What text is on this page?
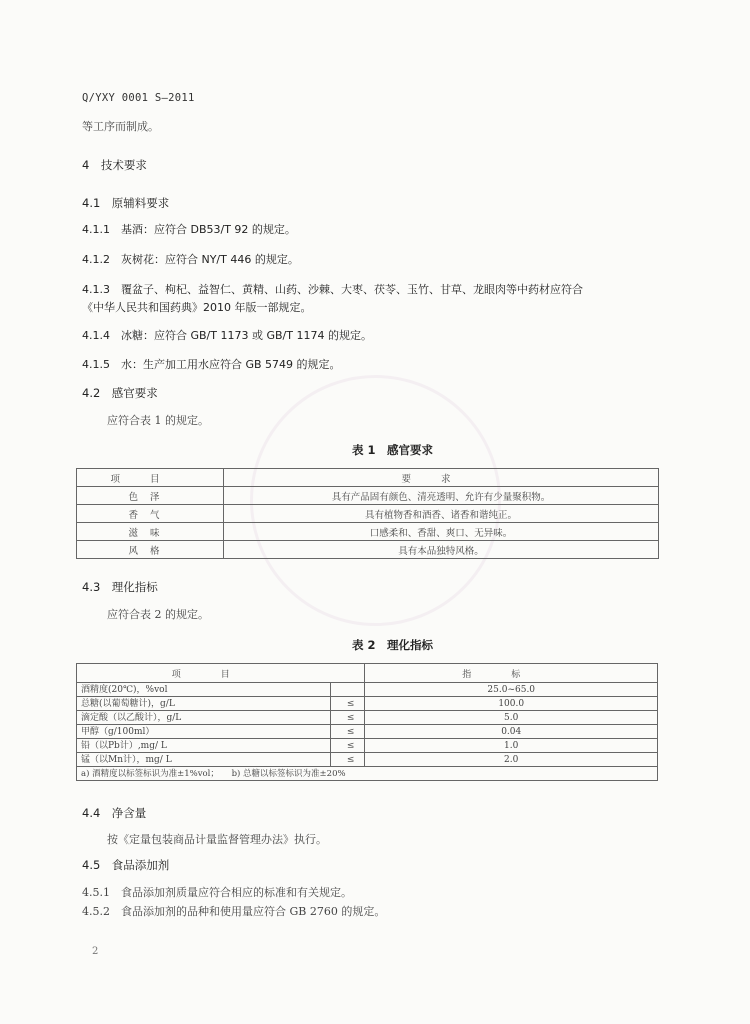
Q/YXY 0001 S—2011
等工序而制成。
4　技术要求
4.1　原辅料要求
4.1.1　基酒：应符合 DB53/T 92 的规定。
4.1.2　灰树花：应符合 NY/T 446 的规定。
4.1.3　覆盆子、枸杞、益智仁、黄精、山药、沙棘、大枣、茯苓、玉竹、甘草、龙眼肉等中药材应符合
《中华人民共和国药典》2010 年版一部规定。
4.1.4　冰糖：应符合 GB/T 1173 或 GB/T 1174 的规定。
4.1.5　水：生产加工用水应符合 GB 5749 的规定。
4.2　感官要求
应符合表 1 的规定。
表 1　感官要求
项目	要求
色泽	具有产品固有颜色、清亮透明、允许有少量聚积物。
香气	具有植物香和酒香、诸香和谐纯正。
滋味	口感柔和、香甜、爽口、无异味。
风格	具有本品独特风格。
4.3　理化指标
应符合表 2 的规定。
表 2　理化指标
项目		指标
酒精度(20℃)，%vol		25.0~65.0
总糖(以葡萄糖计)，g/L	≤	100.0
滴定酸（以乙酸计），g/L	≤	5.0
甲醇（g/100ml）	≤	0.04
铅（以Pb计）,mg/ L	≤	1.0
锰（以Mn计），mg/ L	≤	2.0
a) 酒精度以标签标识为准±1%vol；　　b) 总糖以标签标识为准±20%		
4.4　净含量
按《定量包装商品计量监督管理办法》执行。
4.5　食品添加剂
4.5.1　食品添加剂质量应符合相应的标准和有关规定。
4.5.2　食品添加剂的品种和使用量应符合 GB 2760 的规定。
2
